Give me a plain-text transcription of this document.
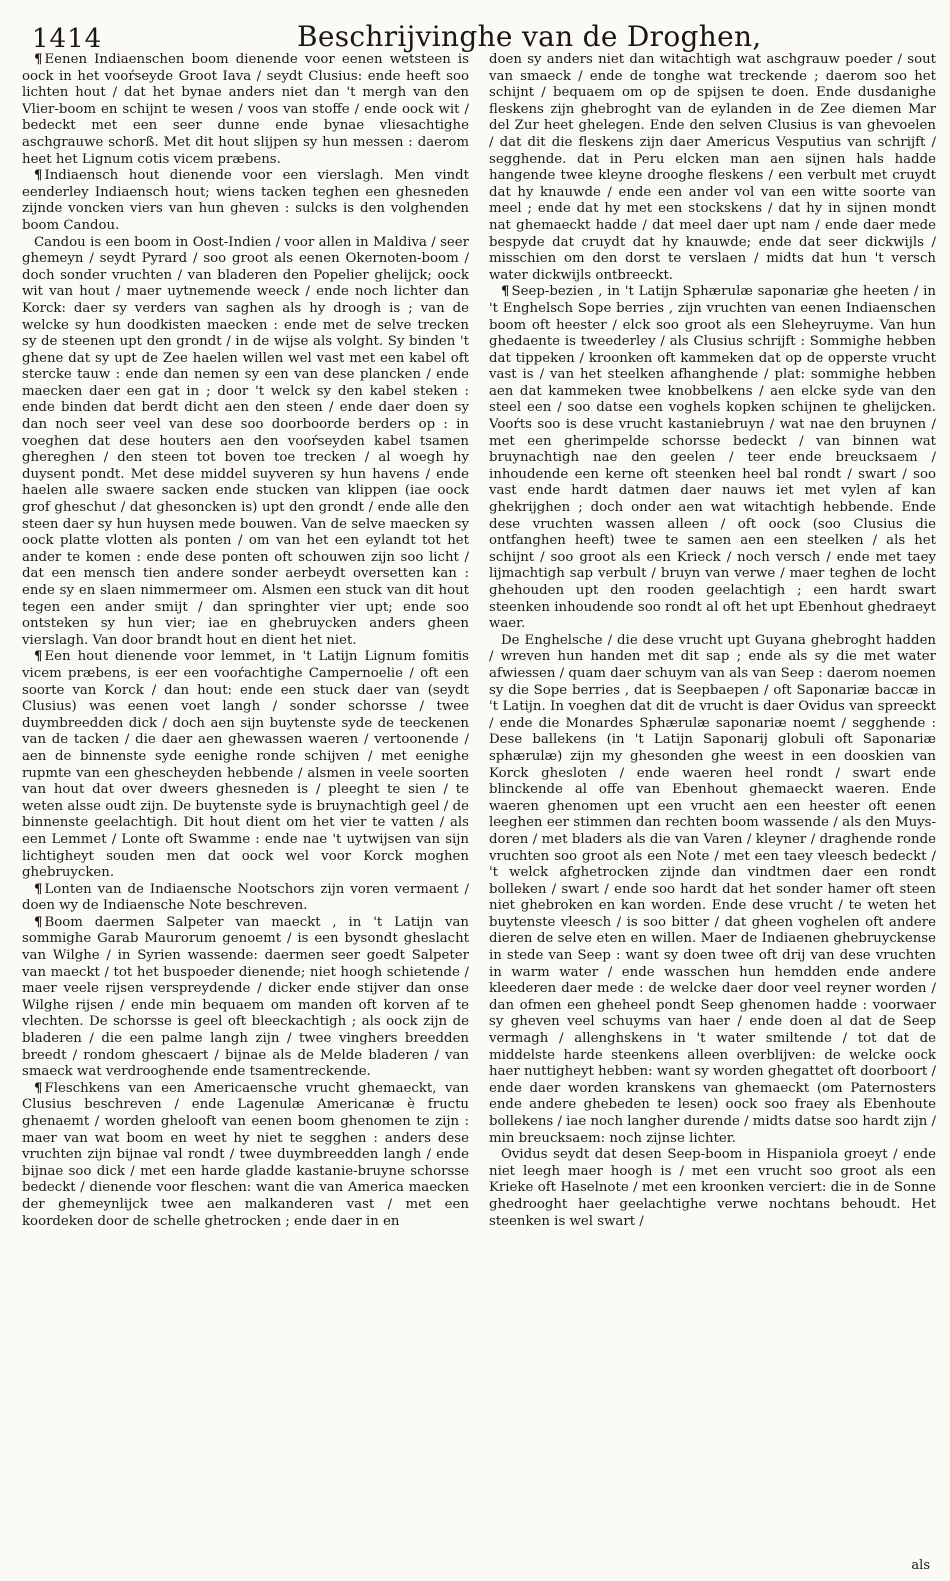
1414	Beschrijvinghe van de Droghen,

¶ Eenen Indiaenschen boom dienende voor eenen wetsteen is oock in het vooŕseyde Groot Iava / seydt Clusius: ende heeft soo lichten hout / dat het bynae anders niet dan 't mergh van den Vlier-boom en schijnt te wesen / voos van stoffe / ende oock wit / bedeckt met een seer dunne ende bynae vliesachtighe aschgrauwe schorß. Met dit hout slijpen sy hun messen : daerom heet het Lignum cotis vicem præbens.

¶ Indiaensch hout dienende voor een vierslagh. Men vindt eenderley Indiaensch hout; wiens tacken teghen een ghesneden zijnde voncken viers van hun gheven : sulcks is den volghenden boom Candou.

Candou is een boom in Oost-Indien / voor allen in Maldiva / seer ghemeyn / seydt Pyrard / soo groot als eenen Okernoten-boom / doch sonder vruchten / van bladeren den Popelier ghelijck; oock wit van hout / maer uytnemende weeck / ende noch lichter dan Korck: daer sy verders van saghen als hy droogh is ; van de welcke sy hun doodkisten maecken : ende met de selve trecken sy de steenen upt den grondt / in de wijse als volght. Sy binden 't ghene dat sy upt de Zee haelen willen wel vast met een kabel oft stercke tauw : ende dan nemen sy een van dese plancken / ende maecken daer een gat in ; door 't welck sy den kabel steken : ende binden dat berdt dicht aen den steen / ende daer doen sy dan noch seer veel van dese soo doorboorde berders op : in voeghen dat dese houters aen den vooŕseyden kabel tsamen ghereghen / den steen tot boven toe trecken / al woegh hy duysent pondt. Met dese middel suyveren sy hun havens / ende haelen alle swaere sacken ende stucken van klippen (iae oock grof gheschut / dat ghesoncken is) upt den grondt / ende alle den steen daer sy hun huysen mede bouwen. Van de selve maecken sy oock platte vlotten als ponten / om van het een eylandt tot het ander te komen : ende dese ponten oft schouwen zijn soo licht / dat een mensch tien andere sonder aerbeydt oversetten kan : ende sy en slaen nimmermeer om. Alsmen een stuck van dit hout tegen een ander smijt / dan springhter vier upt; ende soo ontsteken sy hun vier; iae en ghebruycken anders gheen vierslagh. Van door brandt hout en dient het niet.

¶ Een hout dienende voor lemmet, in 't Latijn Lignum fomitis vicem præbens, is eer een vooŕachtighe Campernoelie / oft een soorte van Korck / dan hout: ende een stuck daer van (seydt Clusius) was eenen voet langh / sonder schorsse / twee duymbreedden dick / doch aen sijn buytenste syde de teeckenen van de tacken / die daer aen ghewassen waeren / vertoonende / aen de binnenste syde eenighe ronde schijven / met eenighe rupmte van een ghescheyden hebbende / alsmen in veele soorten van hout dat over dweers ghesneden is / pleeght te sien / te weten alsse oudt zijn. De buytenste syde is bruynachtigh geel / de binnenste geelachtigh. Dit hout dient om het vier te vatten / als een Lemmet / Lonte oft Swamme : ende nae 't uytwijsen van sijn lichtigheyt souden men dat oock wel voor Korck moghen ghebruycken.

¶ Lonten van de Indiaensche Nootschors zijn voren vermaent / doen wy de Indiaensche Note beschreven.

¶ Boom daermen Salpeter van maeckt , in 't Latijn van sommighe Garab Maurorum genoemt / is een bysondt gheslacht van Wilghe / in Syrien wassende: daermen seer goedt Salpeter van maeckt / tot het buspoeder dienende; niet hoogh schietende / maer veele rijsen verspreydende / dicker ende stijver dan onse Wilghe rijsen / ende min bequaem om manden oft korven af te vlechten. De schorsse is geel oft bleeckachtigh ; als oock zijn de bladeren / die een palme langh zijn / twee vinghers breedden breedt / rondom ghescaert / bijnae als de Melde bladeren / van smaeck wat verdrooghende ende tsamentreckende.

¶ Fleschkens van een Americaensche vrucht ghemaeckt, van Clusius beschreven / ende Lagenulæ Americanæ è fructu ghenaemt / worden ghelooft van eenen boom ghenomen te zijn : maer van wat boom en weet hy niet te segghen : anders dese vruchten zijn bijnae val rondt / twee duymbreedden langh / ende bijnae soo dick / met een harde gladde kastanie-bruyne schorsse bedeckt / dienende voor fleschen: want die van America maecken der ghemeynlijck twee aen malkanderen vast / met een koordeken door de schelle ghetrocken ; ende daer in en

doen sy anders niet dan witachtigh wat aschgrauw poeder / sout van smaeck / ende de tonghe wat treckende ; daerom soo het schijnt / bequaem om op de spijsen te doen. Ende dusdanighe fleskens zijn ghebroght van de eylanden in de Zee diemen Mar del Zur heet ghelegen. Ende den selven Clusius is van ghevoelen / dat dit die fleskens zijn daer Americus Vesputius van schrijft / segghende. dat in Peru elcken man aen sijnen hals hadde hangende twee kleyne drooghe fleskens / een verbult met cruydt dat hy knauwde / ende een ander vol van een witte soorte van meel ; ende dat hy met een stockskens / dat hy in sijnen mondt nat ghemaeckt hadde / dat meel daer upt nam / ende daer mede bespyde dat cruydt dat hy knauwde; ende dat seer dickwijls / misschien om den dorst te verslaen / midts dat hun 't versch water dickwijls ontbreeckt.

¶ Seep-bezien , in 't Latijn Sphærulæ saponariæ ghe heeten / in 't Enghelsch Sope berries , zijn vruchten van eenen Indiaenschen boom oft heester / elck soo groot als een Sleheyruyme. Van hun ghedaente is tweederley / als Clusius schrijft : Sommighe hebben dat tippeken / kroonken oft kammeken dat op de opperste vrucht vast is / van het steelken afhanghende / plat: sommighe hebben aen dat kammeken twee knobbelkens / aen elcke syde van den steel een / soo datse een voghels kopken schijnen te ghelijcken. Vooŕts soo is dese vrucht kastaniebruyn / wat nae den bruynen / met een gherimpelde schorsse bedeckt / van binnen wat bruynachtigh nae den geelen / teer ende breucksaem / inhoudende een kerne oft steenken heel bal rondt / swart / soo vast ende hardt datmen daer nauws iet met vylen af kan ghekrijghen ; doch onder aen wat witachtigh hebbende. Ende dese vruchten wassen alleen / oft oock (soo Clusius die ontfanghen heeft) twee te samen aen een steelken / als het schijnt / soo groot als een Krieck / noch versch / ende met taey lijmachtigh sap verbult / bruyn van verwe / maer teghen de locht ghehouden upt den rooden geelachtigh ; een hardt swart steenken inhoudende soo rondt al oft het upt Ebenhout ghedraeyt waer.

De Enghelsche / die dese vrucht upt Guyana ghebroght hadden / wreven hun handen met dit sap ; ende als sy die met water afwiessen / quam daer schuym van als van Seep : daerom noemen sy die Sope berries , dat is Seepbaepen / oft Saponariæ baccæ in 't Latijn. In voeghen dat dit de vrucht is daer Ovidus van spreeckt / ende die Monardes Sphærulæ saponariæ noemt / segghende : Dese ballekens (in 't Latijn Saponarij globuli oft Saponariæ sphærulæ) zijn my ghesonden ghe weest in een dooskien van Korck ghesloten / ende waeren heel rondt / swart ende blinckende al offe van Ebenhout ghemaeckt waeren. Ende waeren ghenomen upt een vrucht aen een heester oft eenen leeghen eer stimmen dan rechten boom wassende / als den Muys-doren / met bladers als die van Varen / kleyner / draghende ronde vruchten soo groot als een Note / met een taey vleesch bedeckt / 't welck afghetrocken zijnde dan vindtmen daer een rondt bolleken / swart / ende soo hardt dat het sonder hamer oft steen niet ghebroken en kan worden. Ende dese vrucht / te weten het buytenste vleesch / is soo bitter / dat gheen voghelen oft andere dieren de selve eten en willen. Maer de Indiaenen ghebruyckense in stede van Seep : want sy doen twee oft drij van dese vruchten in warm water / ende wasschen hun hemdden ende andere kleederen daer mede : de welcke daer door veel reyner worden / dan ofmen een gheheel pondt Seep ghenomen hadde : voorwaer sy gheven veel schuyms van haer / ende doen al dat de Seep vermagh / allenghskens in 't water smiltende / tot dat de middelste harde steenkens alleen overblijven: de welcke oock haer nuttigheyt hebben: want sy worden ghegattet oft doorboort / ende daer worden kranskens van ghemaeckt (om Paternosters ende andere ghebeden te lesen) oock soo fraey als Ebenhoute bollekens / iae noch langher durende / midts datse soo hardt zijn / min breucksaem: noch zijnse lichter.

Ovidus seydt dat desen Seep-boom in Hispaniola groeyt / ende niet leegh maer hoogh is / met een vrucht soo groot als een Krieke oft Haselnote / met een kroonken verciert: die in de Sonne ghedrooght haer geelachtighe verwe nochtans behoudt. Het steenken is wel swart /

als
